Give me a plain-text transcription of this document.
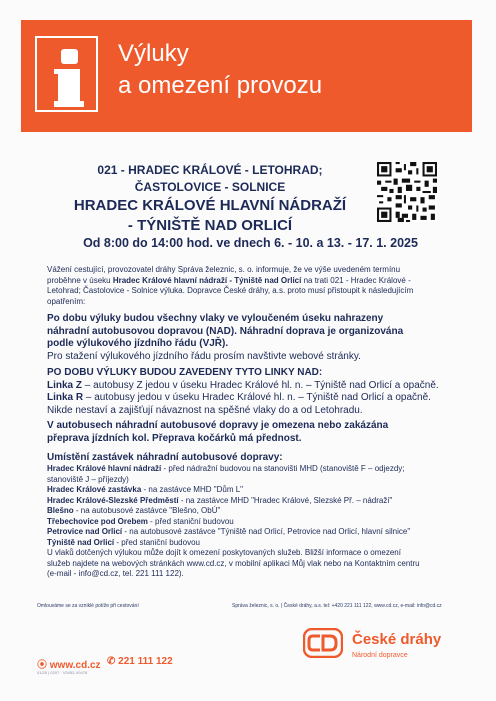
Výluky
a omezení provozu
021 - HRADEC KRÁLOVÉ - LETOHRAD;
ČASTOLOVICE - SOLNICE
HRADEC KRÁLOVÉ HLAVNÍ NÁDRAŽÍ
- TÝNIŠTĚ NAD ORLICÍ
Od 8:00 do 14:00 hod. ve dnech 6. - 10. a 13. - 17. 1. 2025
Vážení cestující, provozovatel dráhy Správa železnic, s. o. informuje, že ve výše uvedeném termínu
proběhne v úseku Hradec Králové hlavní nádraží - Týniště nad Orlicí na trati 021 - Hradec Králové -
Letohrad; Častolovice - Solnice výluka. Dopravce České dráhy, a.s. proto musí přistoupit k následujícím
opatřením:
Po dobu výluky budou všechny vlaky ve vyloučeném úseku nahrazeny
náhradní autobusovou dopravou (NAD). Náhradní doprava je organizována
podle výlukového jízdního řádu (VJŘ).
Pro stažení výlukového jízdního řádu prosím navštivte webové stránky.
PO DOBU VÝLUKY BUDOU ZAVEDENY TYTO LINKY NAD:
Linka Z – autobusy Z jedou v úseku Hradec Králové hl. n. – Týniště nad Orlicí a opačně.
Linka R – autobusy jedou v úseku Hradec Králové hl. n. – Týniště nad Orlicí a opačně.
Nikde nestaví a zajišťují návaznost na spěšné vlaky do a od Letohradu.
V autobusech náhradní autobusové dopravy je omezena nebo zakázána
přeprava jízdních kol. Přeprava kočárků má přednost.
Umístění zastávek náhradní autobusové dopravy:
Hradec Králové hlavní nádraží - před nádražní budovou na stanovišti MHD (stanoviště F – odjezdy;
stanoviště J – příjezdy)
Hradec Králové zastávka - na zastávce MHD "Dům L"
Hradec Králové-Slezské Předměstí - na zastávce MHD "Hradec Králové, Slezské Př. – nádraží"
Blešno - na autobusové zastávce "Blešno, ObÚ"
Třebechovice pod Orebem - před staniční budovou
Petrovice nad Orlicí - na autobusové zastávce "Týniště nad Orlicí, Petrovice nad Orlicí, hlavní silnice"
Týniště nad Orlicí - před staniční budovou
U vlaků dotčených výlukou může dojít k omezení poskytovaných služeb. Bližší informace o omezení
služeb najdete na webových stránkách www.cd.cz, v mobilní aplikaci Můj vlak nebo na Kontaktním centru
(e-mail - info@cd.cz, tel. 221 111 122).
Omlouváme se za vzniklé potíže při cestování	Správa železnic, s. o. | České dráhy, a.s. tel: +420 221 111 122, www.cd.cz, e-mail: info@cd.cz
České dráhy
Národní dopravce
⦿ www.cd.cz ✆ 221 111 122
01/25 | 0207 · V3452-V0478
